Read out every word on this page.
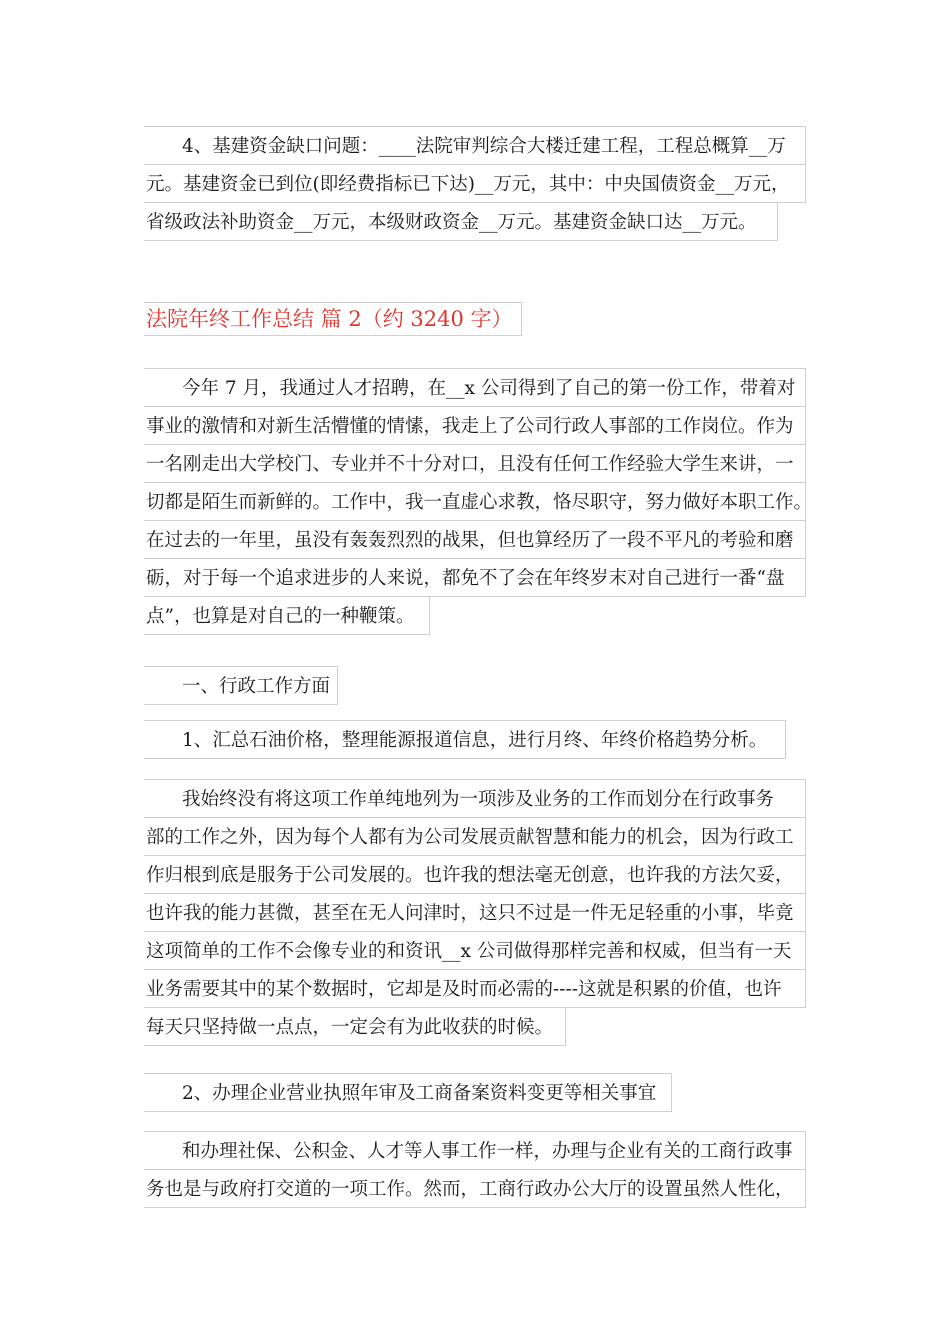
4、基建资金缺口问题：____法院审判综合大楼迁建工程，工程总概算__万
元。基建资金已到位(即经费指标已下达)__万元，其中：中央国债资金__万元，
省级政法补助资金__万元，本级财政资金__万元。基建资金缺口达__万元。
法院年终工作总结 篇 2（约 3240 字）
今年 7 月，我通过人才招聘，在__x 公司得到了自己的第一份工作，带着对
事业的激情和对新生活懵懂的情愫，我走上了公司行政人事部的工作岗位。作为
一名刚走出大学校门、专业并不十分对口，且没有任何工作经验大学生来讲，一
切都是陌生而新鲜的。工作中，我一直虚心求教，恪尽职守，努力做好本职工作。
在过去的一年里，虽没有轰轰烈烈的战果，但也算经历了一段不平凡的考验和磨
砺，对于每一个追求进步的人来说，都免不了会在年终岁末对自己进行一番“盘
点”，也算是对自己的一种鞭策。
一、行政工作方面
1、汇总石油价格，整理能源报道信息，进行月终、年终价格趋势分析。
我始终没有将这项工作单纯地列为一项涉及业务的工作而划分在行政事务
部的工作之外，因为每个人都有为公司发展贡献智慧和能力的机会，因为行政工
作归根到底是服务于公司发展的。也许我的想法毫无创意，也许我的方法欠妥，
也许我的能力甚微，甚至在无人问津时，这只不过是一件无足轻重的小事，毕竟
这项简单的工作不会像专业的和资讯__x 公司做得那样完善和权威，但当有一天
业务需要其中的某个数据时，它却是及时而必需的----这就是积累的价值，也许
每天只坚持做一点点，一定会有为此收获的时候。
2、办理企业营业执照年审及工商备案资料变更等相关事宜
和办理社保、公积金、人才等人事工作一样，办理与企业有关的工商行政事
务也是与政府打交道的一项工作。然而，工商行政办公大厅的设置虽然人性化，
